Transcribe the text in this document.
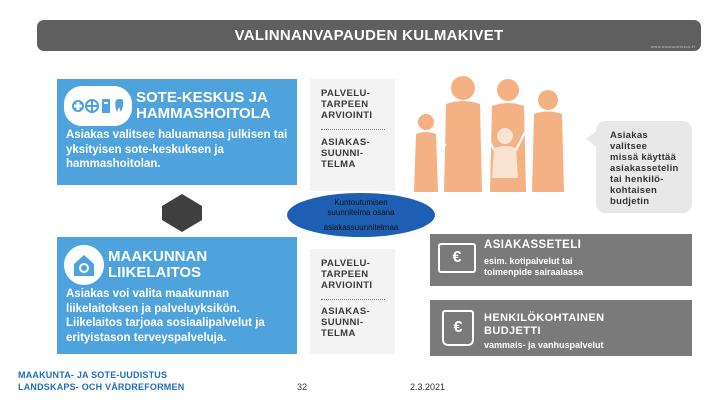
VALINNANVAPAUDEN KULMAKIVET
www.alueuudistus.fi
SOTE-KESKUS JA
HAMMASHOITOLA
Asiakas valitsee haluamansa julkisen tai yksityisen sote-keskuksen ja hammashoitolan.
PALVELU-
TARPEEN
ARVIOINTI
ASIAKAS-
SUUNNI-
TELMA
Asiakas
valitsee
missä käyttää
asiakassetelin
tai henkilö-
kohtaisen
budjetin
Kuntoutumisen
suunnitelma osana
asiakassuunnitelmaa
MAAKUNNAN
LIIKELAITOS
Asiakas voi valita maakunnan liikelaitoksen ja palveluyksikön. Liikelaitos tarjoaa sosiaalipalvelut ja erityistason terveyspalveluja.
PALVELU-
TARPEEN
ARVIOINTI
ASIAKAS-
SUUNNI-
TELMA
€
ASIAKASSETELI
esim. kotipalvelut tai
toimenpide sairaalassa
€
HENKILÖKOHTAINEN
BUDJETTI
vammais- ja vanhuspalvelut
MAAKUNTA- JA SOTE-UUDISTUS
LANDSKAPS- OCH VÅRDREFORMEN	32	2.3.2021
